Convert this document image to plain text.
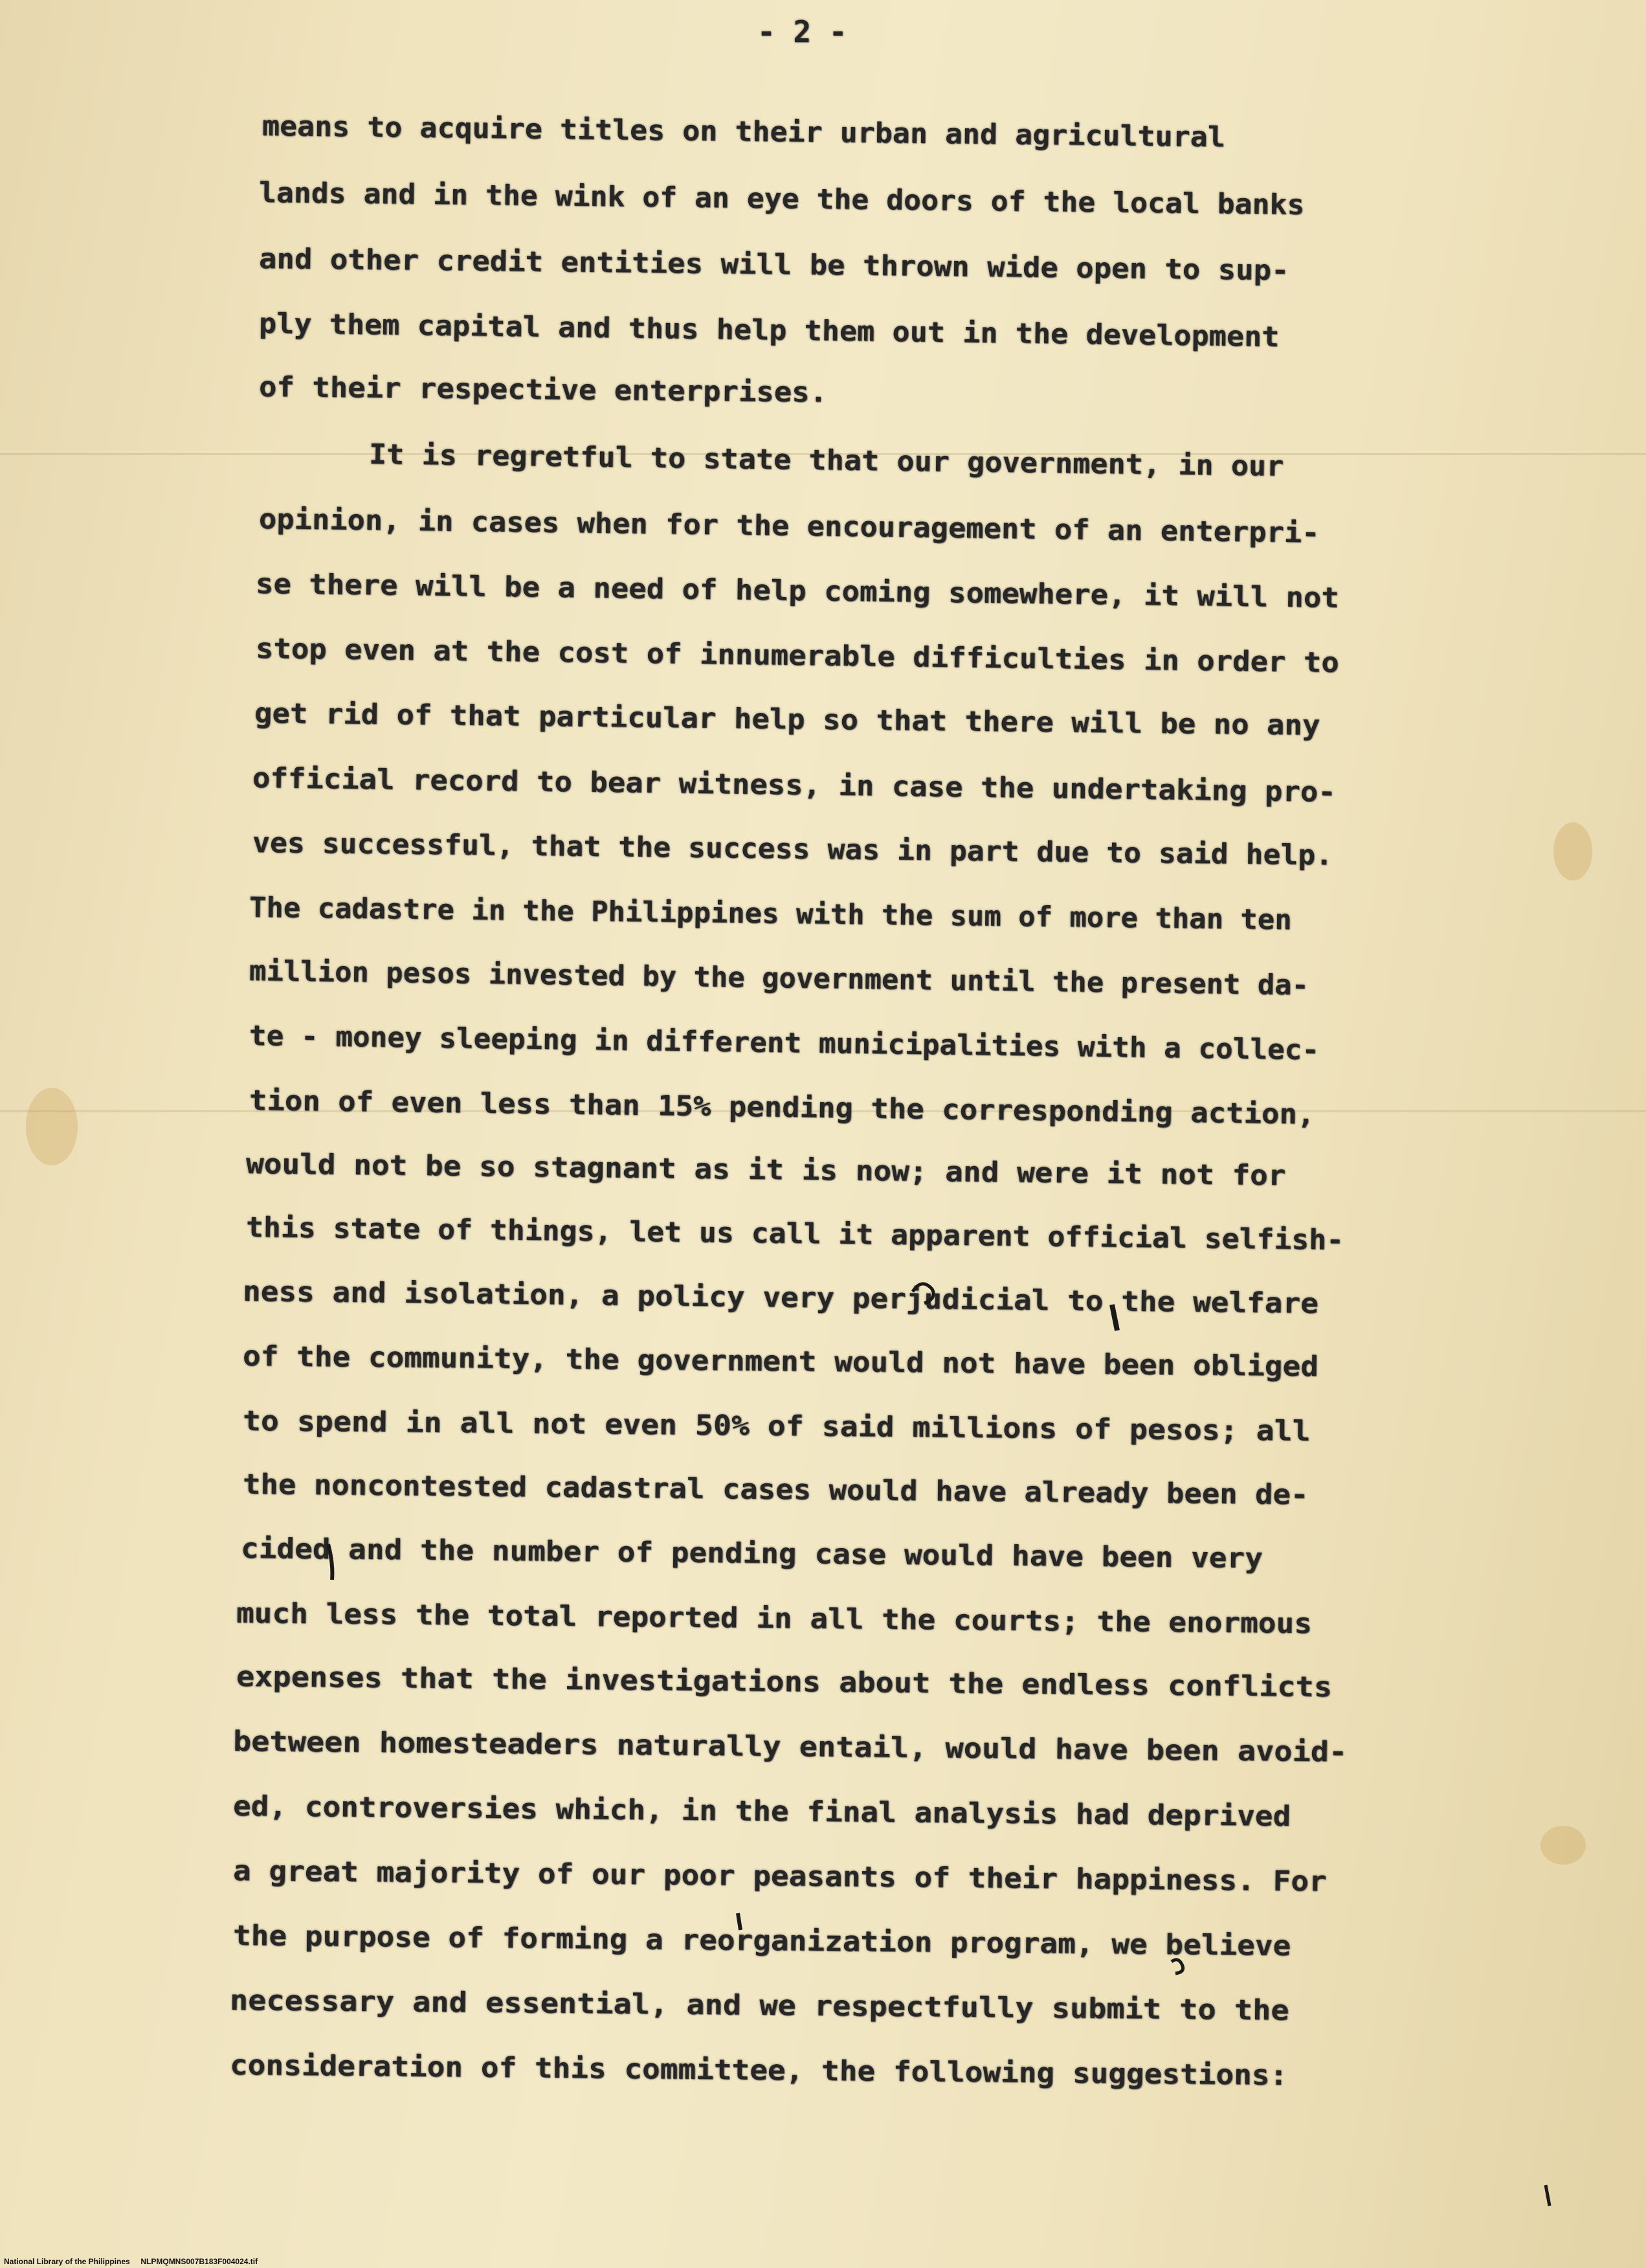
- 2 -
means to acquire titles on their urban and agricultural
lands and in the wink of an eye the doors of the local banks
and other credit entities will be thrown wide open to sup-
ply them capital and thus help them out in the development
of their respective enterprises.
It is regretful to state that our government, in our
opinion, in cases when for the encouragement of an enterpri-
se there will be a need of help coming somewhere, it will not
stop even at the cost of innumerable difficulties in order to
get rid of that particular help so that there will be no any
official record to bear witness, in case the undertaking pro-
ves successful, that the success was in part due to said help.
The cadastre in the Philippines with the sum of more than ten
million pesos invested by the government until the present da-
te - money sleeping in different municipalities with a collec-
tion of even less than 15% pending the corresponding action,
would not be so stagnant as it is now; and were it not for
this state of things, let us call it apparent official selfish-
ness and isolation, a policy very perjudicial to the welfare
of the community, the government would not have been obliged
to spend in all not even 50% of said millions of pesos; all
the noncontested cadastral cases would have already been de-
cided and the number of pending case would have been very
much less the total reported in all the courts; the enormous
expenses that the investigations about the endless conflicts
between homesteaders naturally entail, would have been avoid-
ed, controversies which, in the final analysis had deprived
a great majority of our poor peasants of their happiness. For
the purpose of forming a reorganization program, we believe
necessary and essential, and we respectfully submit to the
consideration of this committee, the following suggestions:
National Library of the Philippines     NLPMQMNS007B183F004024.tif
